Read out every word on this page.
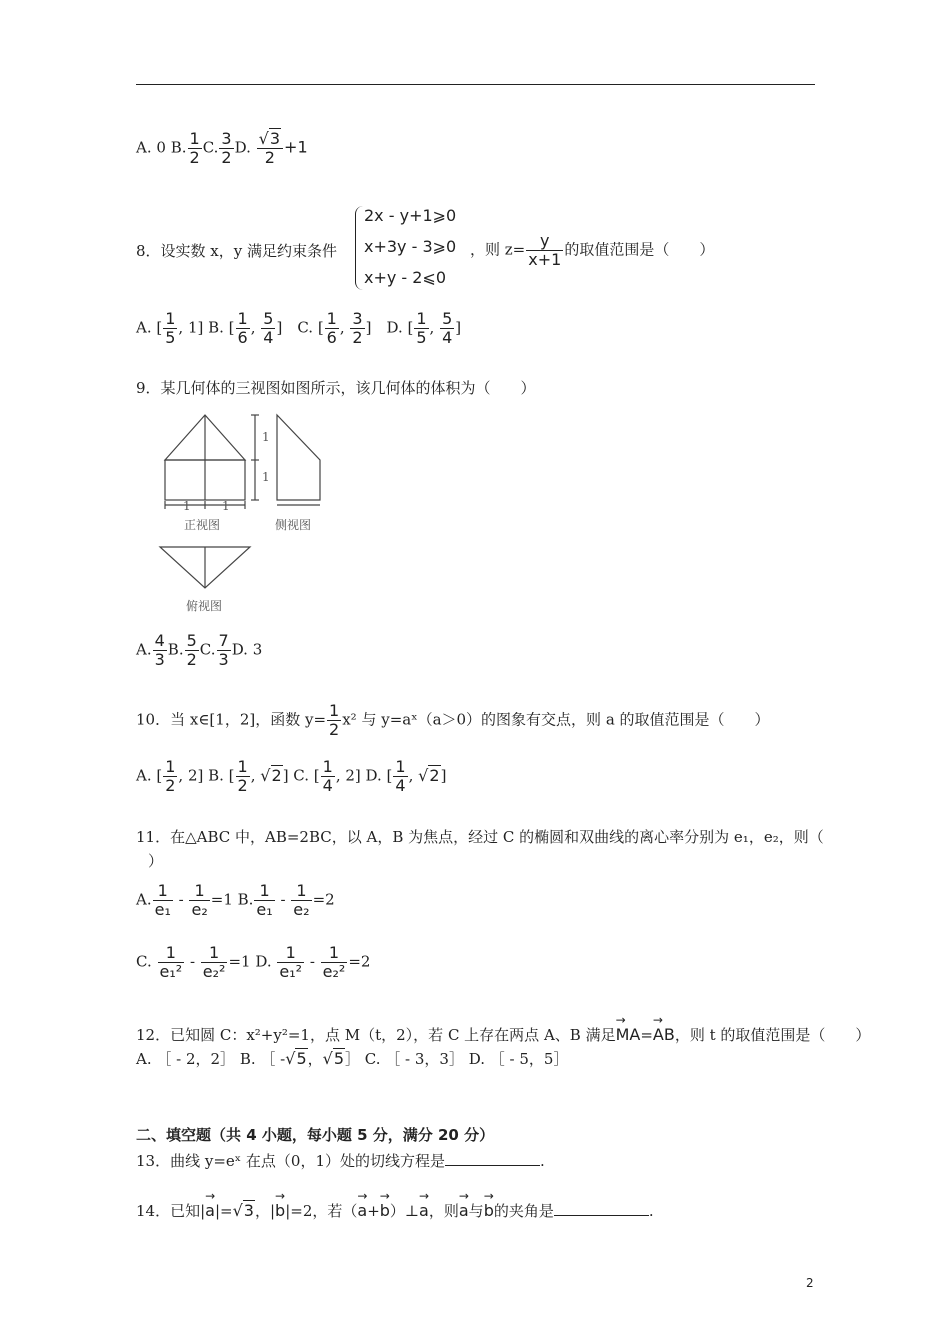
A. 0 B. $\frac{1}{2} C$. $\frac{3}{2} D$. $\frac{√3}{2} +1$
8．设实数 x，y 满足约束条件
2x - y+1⩾0
x+3y - 3⩾0
x+y - 2⩽0
，则 $z= \frac{y}{x+1}$ 的取值范围是（　　）
A. [ $\frac{1}{5}$ , 1] B. [ $\frac{1}{6}$ , $\frac{5}{4}$ ]　C. [ $\frac{1}{6}$ , $\frac{3}{2}$ ]　D. [ $\frac{1}{5}$ , $\frac{5}{4}$ ]
9．某几何体的三视图如图所示，该几何体的体积为（　　）
1	1
1
1
正视图	侧视图
俯视图
A. $\frac{4}{3} B$. $\frac{5}{2} C$. $\frac{7}{3} D$. 3
10．当 x∈[1，2]，函数 $y= \frac{1}{2} x^2$ 与 y=aˣ（a＞0）的图象有交点，则 a 的取值范围是（　　）
A. [ $\frac{1}{2}$ , 2] B. [ $\frac{1}{2}$ , √2] C. [ $\frac{1}{4}$ , 2] D. [ $\frac{1}{4}$ , √2]
11．在△ABC 中，AB=2BC，以 A，B 为焦点，经过 C 的椭圆和双曲线的离心率分别为 e₁，e₂，则（
）
A. $\frac{1}{\text{e₁}} - \frac{1}{\text{e₂}} =1$ B. $\frac{1}{\text{e₁}} - \frac{1}{\text{e₂}} =2$
C. $\frac{1}{\text{e₁²}} - \frac{1}{\text{e₂²}} =1$ D. $\frac{1}{\text{e₁²}} - \frac{1}{\text{e₂²}} =2$
12．已知圆 C：x²+y²=1，点 M（t，2），若 C 上存在两点 A、B 满足→ MA=→ AB，则 t 的取值范围是（　　）
A. ［ - 2，2］ B. ［ -√5，√5］ C. ［ - 3，3］ D. ［ - 5，5］
二、填空题（共 4 小题，每小题 5 分，满分 20 分）
13．曲线 y=eˣ 在点（0，1）处的切线方程是	.
14．已知|→ a|=√3，|→ b|=2，若（→ a+→ b）⊥→ a，则→ a与→ b的夹角是	.
2
